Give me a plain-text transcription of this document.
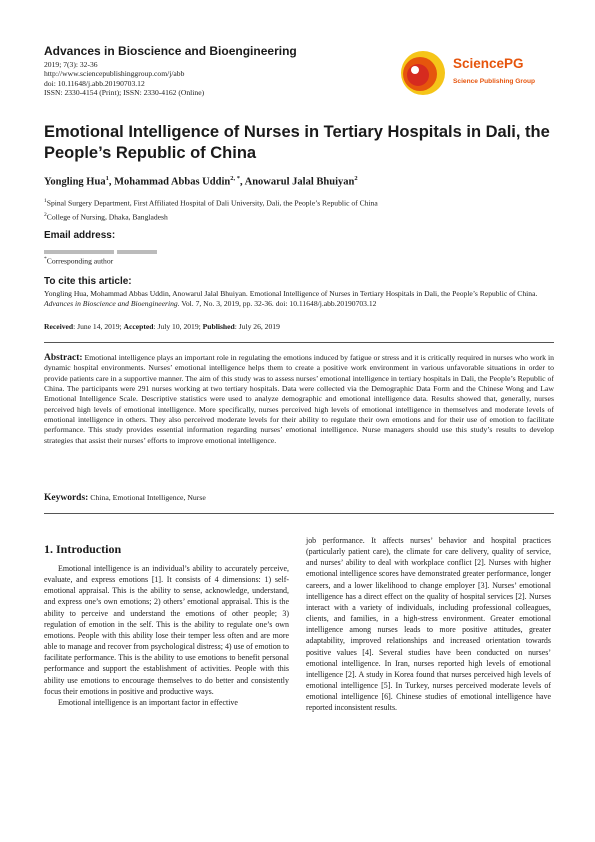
Advances in Bioscience and Bioengineering
2019; 7(3): 32-36
http://www.sciencepublishinggroup.com/j/abb
doi: 10.11648/j.abb.20190703.12
ISSN: 2330-4154 (Print); ISSN: 2330-4162 (Online)
SciencePG
Science Publishing Group
Emotional Intelligence of Nurses in Tertiary Hospitals in Dali, the People’s Republic of China
Yongling Hua$^1$, Mohammad Abbas Uddin$^{2, *}$, Anowarul Jalal Bhuiyan$^2$
$^1$Spinal Surgery Department, First Affiliated Hospital of Dali University, Dali, the People’s Republic of China
$^2$College of Nursing, Dhaka, Bangladesh
Email address:
*Corresponding author
To cite this article:
Yongling Hua, Mohammad Abbas Uddin, Anowarul Jalal Bhuiyan. Emotional Intelligence of Nurses in Tertiary Hospitals in Dali, the People’s Republic of China. Advances in Bioscience and Bioengineering. Vol. 7, No. 3, 2019, pp. 32-36. doi: 10.11648/j.abb.20190703.12
Received: June 14, 2019; Accepted: July 10, 2019; Published: July 26, 2019
Abstract: Emotional intelligence plays an important role in regulating the emotions induced by fatigue or stress and it is critically required in nurses who work in dynamic hospital environments. Nurses’ emotional intelligence helps them to create a positive work environment in various unfavorable situations in order to provide patients care in a supportive manner. The aim of this study was to assess nurses’ emotional intelligence in tertiary hospitals in Dali, the People’s Republic of China. The participants were 291 nurses working at two tertiary hospitals. Data were collected via the Demographic Data Form and the Chinese Wong and Law Emotional Intelligence Scale. Descriptive statistics were used to analyze demographic and emotional intelligence data. Results showed that, generally, nurses perceived high levels of emotional intelligence. More specifically, nurses perceived high levels of emotional intelligence in themselves and moderate levels of emotional intelligence in others. They also perceived moderate levels for their ability to regulate their own emotions and for their use of emotion to facilitate performance. This study provides essential information regarding nurses’ emotional intelligence. Nurse managers should use this study’s results to develop strategies that assist their nurses’ efforts to improve emotional intelligence.
Keywords: China, Emotional Intelligence, Nurse
1. Introduction

Emotional intelligence is an individual’s ability to accurately perceive, evaluate, and express emotions [1]. It consists of 4 dimensions: 1) self-emotional appraisal. This is the ability to sense, acknowledge, understand, and express one’s own emotions; 2) others’ emotional appraisal. This is the ability to perceive and understand the emotions of other people; 3) regulation of emotion in the self. This is the ability to regulate one’s own emotions. People with this ability lose their temper less often and are more able to manage and recover from psychological distress; 4) use of emotion to facilitate performance. This is the ability to use emotions to benefit personal performance and support the establishment of activities. People with this ability use emotions to encourage themselves to do better and consistently focus their emotions in positive and productive ways.

Emotional intelligence is an important factor in effective

job performance. It affects nurses’ behavior and hospital practices (particularly patient care), the climate for care delivery, quality of service, and nurses’ ability to deal with workplace conflict [2]. Nurses with higher emotional intelligence scores have demonstrated greater performance, longer careers, and a lower likelihood to change employer [3]. Nurses’ emotional intelligence has a direct effect on the quality of hospital services [2]. Nurses interact with a variety of individuals, including professional colleagues, clients, and families, in a high-stress environment. Greater emotional intelligence among nurses leads to more positive attitudes, greater adaptability, improved relationships and increased orientation towards positive values [4]. Several studies have been conducted on nurses’ emotional intelligence. In Iran, nurses reported high levels of emotional intelligence [2]. A study in Korea found that nurses perceived high levels of emotional intelligence [5]. In Turkey, nurses perceived moderate levels of emotional intelligence [6]. Chinese studies of emotional intelligence have reported inconsistent results.
